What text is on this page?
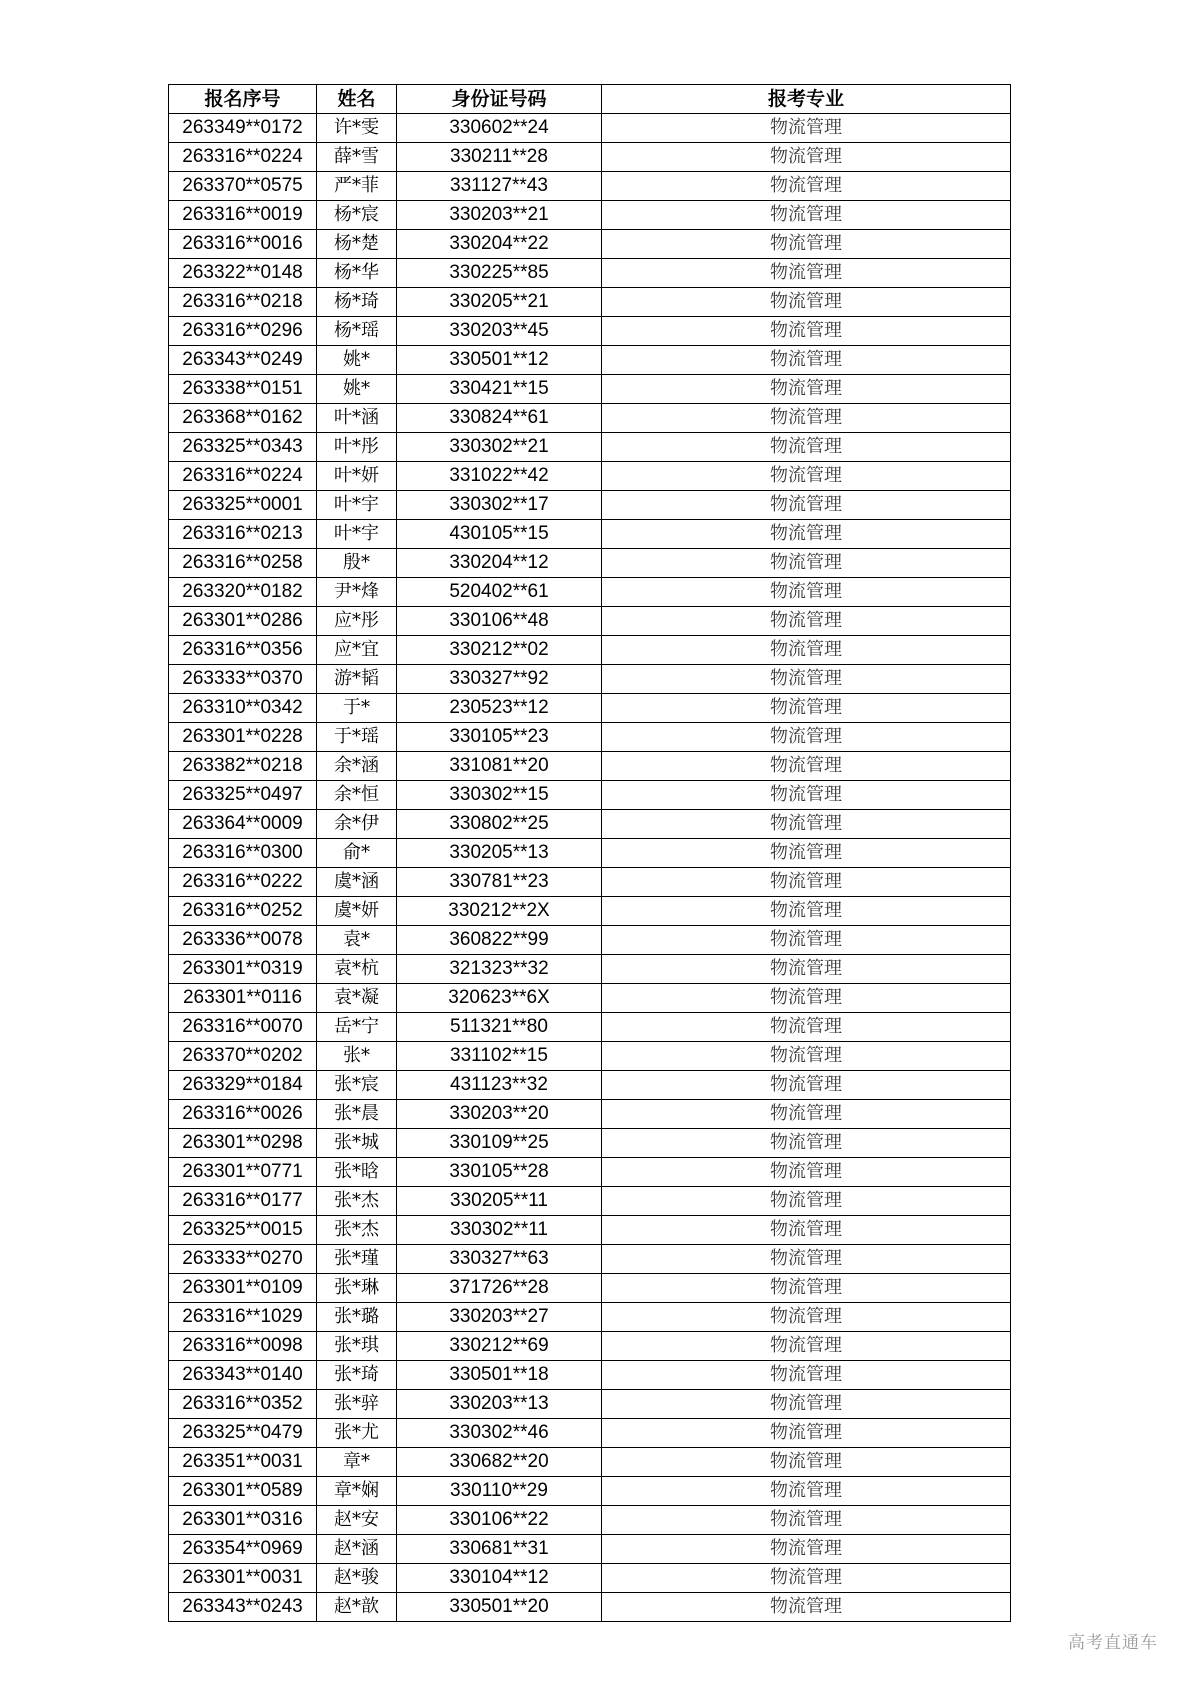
报名序号	姓名	身份证号码	报考专业
263349**0172	许*雯	330602**24	物流管理
263316**0224	薛*雪	330211**28	物流管理
263370**0575	严*菲	331127**43	物流管理
263316**0019	杨*宸	330203**21	物流管理
263316**0016	杨*楚	330204**22	物流管理
263322**0148	杨*华	330225**85	物流管理
263316**0218	杨*琦	330205**21	物流管理
263316**0296	杨*瑶	330203**45	物流管理
263343**0249	姚*	330501**12	物流管理
263338**0151	姚*	330421**15	物流管理
263368**0162	叶*涵	330824**61	物流管理
263325**0343	叶*彤	330302**21	物流管理
263316**0224	叶*妍	331022**42	物流管理
263325**0001	叶*宇	330302**17	物流管理
263316**0213	叶*宇	430105**15	物流管理
263316**0258	殷*	330204**12	物流管理
263320**0182	尹*烽	520402**61	物流管理
263301**0286	应*彤	330106**48	物流管理
263316**0356	应*宜	330212**02	物流管理
263333**0370	游*韬	330327**92	物流管理
263310**0342	于*	230523**12	物流管理
263301**0228	于*瑶	330105**23	物流管理
263382**0218	余*涵	331081**20	物流管理
263325**0497	余*恒	330302**15	物流管理
263364**0009	余*伊	330802**25	物流管理
263316**0300	俞*	330205**13	物流管理
263316**0222	虞*涵	330781**23	物流管理
263316**0252	虞*妍	330212**2X	物流管理
263336**0078	袁*	360822**99	物流管理
263301**0319	袁*杭	321323**32	物流管理
263301**0116	袁*凝	320623**6X	物流管理
263316**0070	岳*宁	511321**80	物流管理
263370**0202	张*	331102**15	物流管理
263329**0184	张*宸	431123**32	物流管理
263316**0026	张*晨	330203**20	物流管理
263301**0298	张*城	330109**25	物流管理
263301**0771	张*晗	330105**28	物流管理
263316**0177	张*杰	330205**11	物流管理
263325**0015	张*杰	330302**11	物流管理
263333**0270	张*瑾	330327**63	物流管理
263301**0109	张*琳	371726**28	物流管理
263316**1029	张*璐	330203**27	物流管理
263316**0098	张*琪	330212**69	物流管理
263343**0140	张*琦	330501**18	物流管理
263316**0352	张*骍	330203**13	物流管理
263325**0479	张*尤	330302**46	物流管理
263351**0031	章*	330682**20	物流管理
263301**0589	章*娴	330110**29	物流管理
263301**0316	赵*安	330106**22	物流管理
263354**0969	赵*涵	330681**31	物流管理
263301**0031	赵*骏	330104**12	物流管理
263343**0243	赵*歆	330501**20	物流管理
高考直通车
